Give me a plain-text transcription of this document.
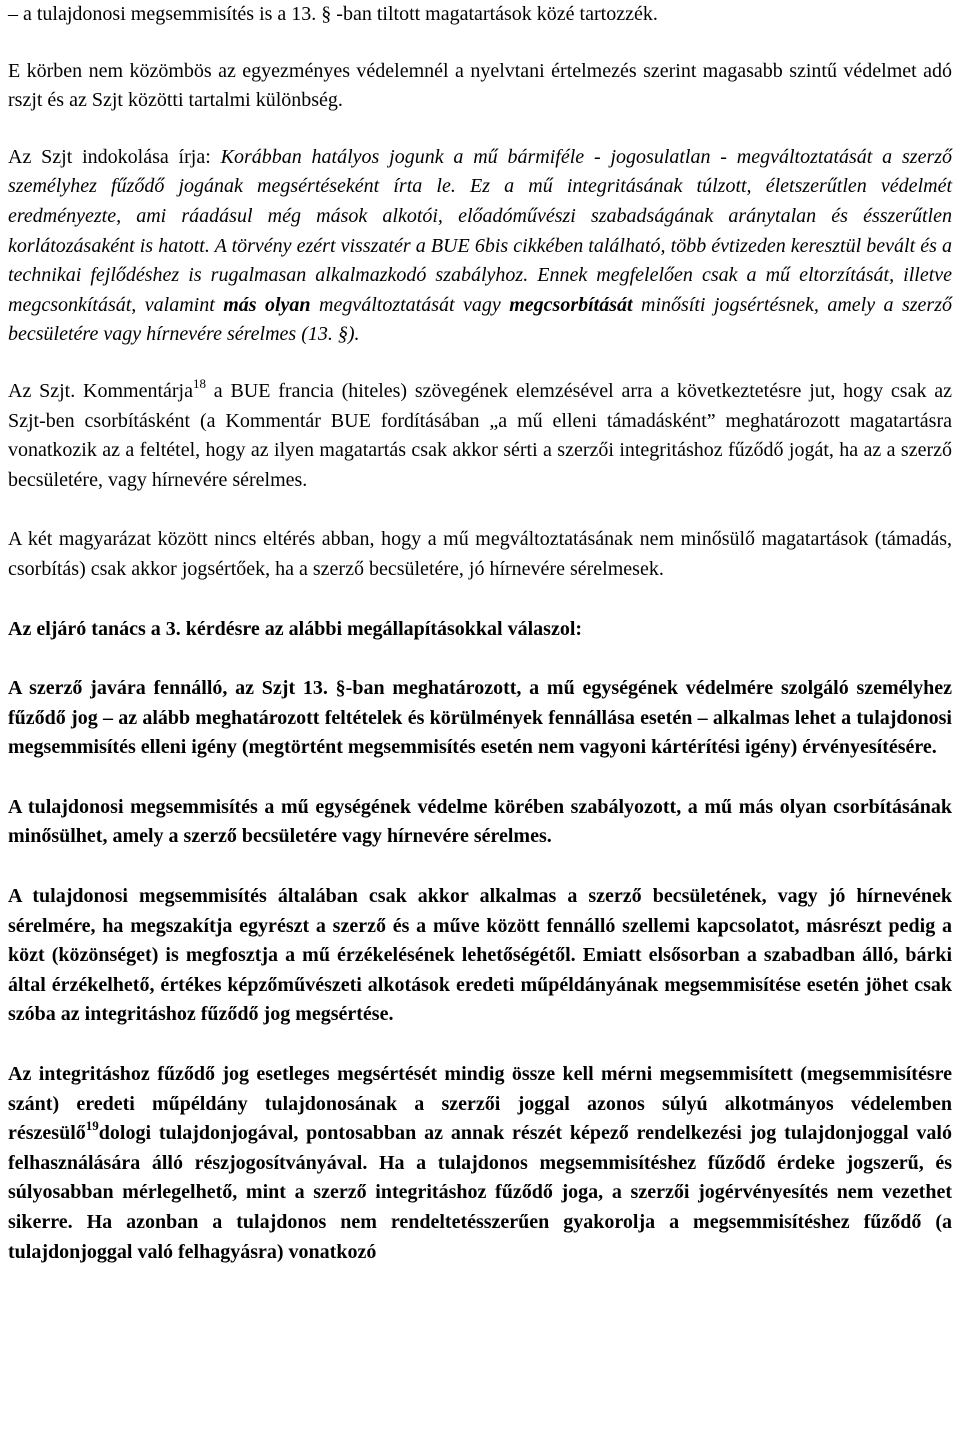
– a tulajdonosi megsemmisítés is a 13. § -ban tiltott magatartások közé tartozzék.

E körben nem közömbös az egyezményes védelemnél a nyelvtani értelmezés szerint magasabb szintű védelmet adó rszjt és az Szjt közötti tartalmi különbség.

Az Szjt indokolása írja: Korábban hatályos jogunk a mű bármiféle - jogosulatlan - megváltoztatását a szerző személyhez fűződő jogának megsértéseként írta le. Ez a mű integritásának túlzott, életszerűtlen védelmét eredményezte, ami ráadásul még mások alkotói, előadóművészi szabadságának aránytalan és ésszerűtlen korlátozásaként is hatott. A törvény ezért visszatér a BUE 6bis cikkében található, több évtizeden keresztül bevált és a technikai fejlődéshez is rugalmasan alkalmazkodó szabályhoz. Ennek megfelelően csak a mű eltorzítását, illetve megcsonkítását, valamint más olyan megváltoztatását vagy megcsorbítását minősíti jogsértésnek, amely a szerző becsületére vagy hírnevére sérelmes (13. §).

Az Szjt. Kommentárja$^{18}$ a BUE francia (hiteles) szövegének elemzésével arra a következtetésre jut, hogy csak az Szjt-ben csorbításként (a Kommentár BUE fordításában „a mű elleni támadásként” meghatározott magatartásra vonatkozik az a feltétel, hogy az ilyen magatartás csak akkor sérti a szerzői integritáshoz fűződő jogát, ha az a szerző becsületére, vagy hírnevére sérelmes.

A két magyarázat között nincs eltérés abban, hogy a mű megváltoztatásának nem minősülő magatartások (támadás, csorbítás) csak akkor jogsértőek, ha a szerző becsületére, jó hírnevére sérelmesek.

Az eljáró tanács a 3. kérdésre az alábbi megállapításokkal válaszol:

A szerző javára fennálló, az Szjt 13. §-ban meghatározott, a mű egységének védelmére szolgáló személyhez fűződő jog – az alább meghatározott feltételek és körülmények fennállása esetén – alkalmas lehet a tulajdonosi megsemmisítés elleni igény (megtörtént megsemmisítés esetén nem vagyoni kártérítési igény) érvényesítésére.

A tulajdonosi megsemmisítés a mű egységének védelme körében szabályozott, a mű más olyan csorbításának minősülhet, amely a szerző becsületére vagy hírnevére sérelmes.

A tulajdonosi megsemmisítés általában csak akkor alkalmas a szerző becsületének, vagy jó hírnevének sérelmére, ha megszakítja egyrészt a szerző és a műve között fennálló szellemi kapcsolatot, másrészt pedig a közt (közönséget) is megfosztja a mű érzékelésének lehetőségétől. Emiatt elsősorban a szabadban álló, bárki által érzékelhető, értékes képzőművészeti alkotások eredeti műpéldányának megsemmisítése esetén jöhet csak szóba az integritáshoz fűződő jog megsértése.

Az integritáshoz fűződő jog esetleges megsértését mindig össze kell mérni megsemmisített (megsemmisítésre szánt) eredeti műpéldány tulajdonosának a szerzői joggal azonos súlyú alkotmányos védelemben részesülő$^{19}$dologi tulajdonjogával, pontosabban az annak részét képező rendelkezési jog tulajdonjoggal való felhasználására álló részjogosítványával. Ha a tulajdonos megsemmisítéshez fűződő érdeke jogszerű, és súlyosabban mérlegelhető, mint a szerző integritáshoz fűződő joga, a szerzői jogérvényesítés nem vezethet sikerre. Ha azonban a tulajdonos nem rendeltetésszerűen gyakorolja a megsemmisítéshez fűződő (a tulajdonjoggal való felhagyásra) vonatkozó
